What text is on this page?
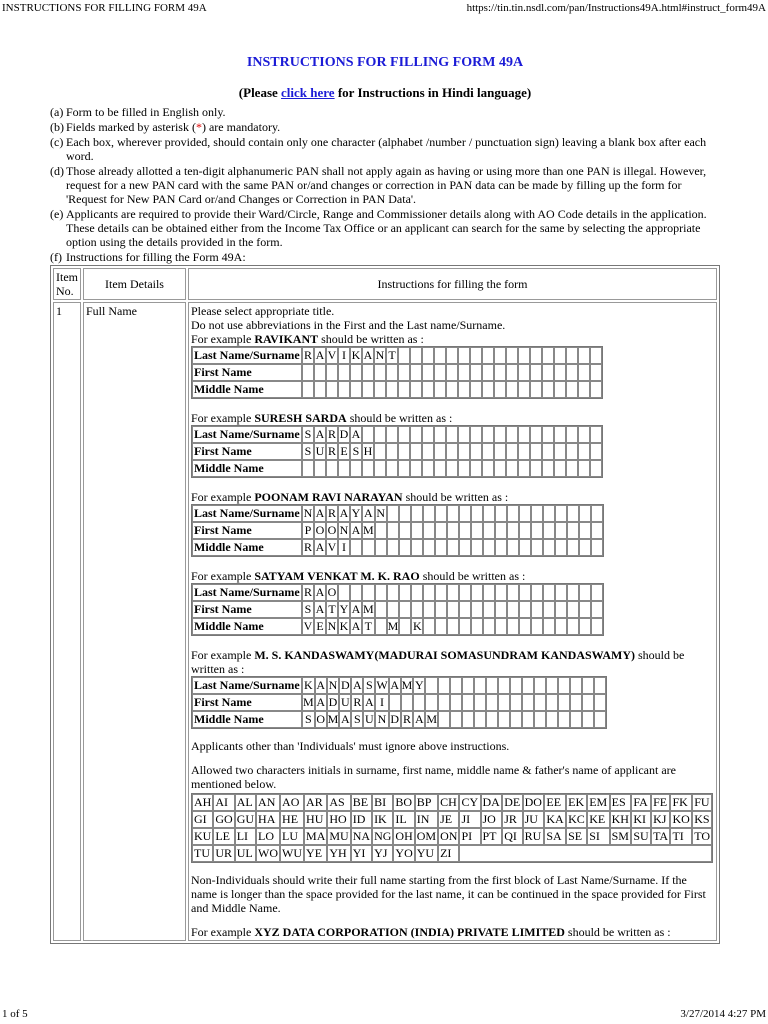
INSTRUCTIONS FOR FILLING FORM 49A	https://tin.tin.nsdl.com/pan/Instructions49A.html#instruct_form49A
INSTRUCTIONS FOR FILLING FORM 49A
(Please click here for Instructions in Hindi language)
(a) Form to be filled in English only.
(b) Fields marked by asterisk (*) are mandatory.
(c) Each box, wherever provided, should contain only one character (alphabet /number / punctuation sign) leaving a blank box after each word.
(d) Those already allotted a ten-digit alphanumeric PAN shall not apply again as having or using more than one PAN is illegal. However, request for a new PAN card with the same PAN or/and changes or correction in PAN data can be made by filling up the form for 'Request for New PAN Card or/and Changes or Correction in PAN Data'.
(e) Applicants are required to provide their Ward/Circle, Range and Commissioner details along with AO Code details in the application. These details can be obtained either from the Income Tax Office or an applicant can search for the same by selecting the appropriate option using the details provided in the form.
(f) Instructions for filling the Form 49A:
Item No.	Item Details	Instructions for filling the form
1	Full Name	Please select appropriate title.
Do not use abbreviations in the First and the Last name/Surname.
For example RAVIKANT should be written as :
Last Name/Surname	R	A	V	I	K	A	N	T																	
First Name																									
Middle Name																									
For example SURESH SARDA should be written as :
Last Name/Surname	S	A	R	D	A																				
First Name	S	U	R	E	S	H																			
Middle Name																									
For example POONAM RAVI NARAYAN should be written as :
Last Name/Surname	N	A	R	A	Y	A	N																		
First Name	P	O	O	N	A	M																			
Middle Name	R	A	V	I																					
For example SATYAM VENKAT M. K. RAO should be written as :
Last Name/Surname	R	A	O																						
First Name	S	A	T	Y	A	M																			
Middle Name	V	E	N	K	A	T		M		K															
For example M. S. KANDASWAMY(MADURAI SOMASUNDRAM KANDASWAMY) should be written as :
Last Name/Surname	K	A	N	D	A	S	W	A	M	Y															
First Name	M	A	D	U	R	A	I																		
Middle Name	S	O	M	A	S	U	N	D	R	A	M														
Applicants other than 'Individuals' must ignore above instructions.
Allowed two characters initials in surname, first name, middle name & father's name of applicant are mentioned below.
AH	AI	AL	AN	AO	AR	AS	BE	BI	BO	BP	CH	CY	DA	DE	DO	EE	EK	EM	ES	FA	FE	FK	FU
GI	GO	GU	HA	HE	HU	HO	ID	IK	IL	IN	JE	JI	JO	JR	JU	KA	KC	KE	KH	KI	KJ	KO	KS
KU	LE	LI	LO	LU	MA	MU	NA	NG	OH	OM	ON	PI	PT	QI	RU	SA	SE	SI	SM	SU	TA	TI	TO
TU	UR	UL	WO	WU	YE	YH	YI	YJ	YO	YU	ZI	
Non-Individuals should write their full name starting from the first block of Last Name/Surname. If the name is longer than the space provided for the last name, it can be continued in the space provided for First and Middle Name.
For example XYZ DATA CORPORATION (INDIA) PRIVATE LIMITED should be written as :
1 of 5	3/27/2014 4:27 PM
